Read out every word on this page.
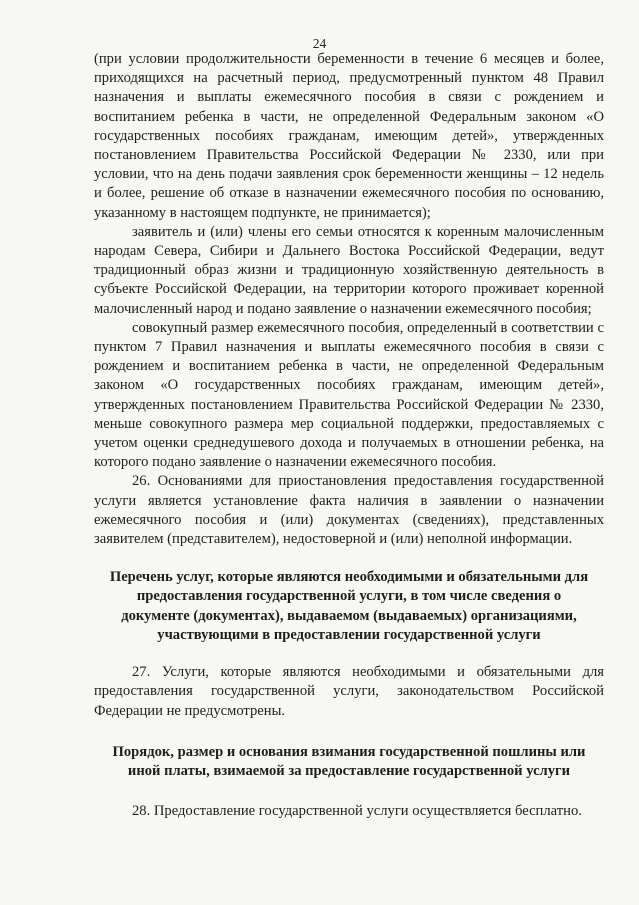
24

(при условии продолжительности беременности в течение 6 месяцев и более, приходящихся на расчетный период, предусмотренный пунктом 48 Правил назначения и выплаты ежемесячного пособия в связи с рождением и воспитанием ребенка в части, не определенной Федеральным законом «О государственных пособиях гражданам, имеющим детей», утвержденных постановлением Правительства Российской Федерации № 2330, или при условии, что на день подачи заявления срок беременности женщины – 12 недель и более, решение об отказе в назначении ежемесячного пособия по основанию, указанному в настоящем подпункте, не принимается);

заявитель и (или) члены его семьи относятся к коренным малочисленным народам Севера, Сибири и Дальнего Востока Российской Федерации, ведут традиционный образ жизни и традиционную хозяйственную деятельность в субъекте Российской Федерации, на территории которого проживает коренной малочисленный народ и подано заявление о назначении ежемесячного пособия;

совокупный размер ежемесячного пособия, определенный в соответствии с пунктом 7 Правил назначения и выплаты ежемесячного пособия в связи с рождением и воспитанием ребенка в части, не определенной Федеральным законом «О государственных пособиях гражданам, имеющим детей», утвержденных постановлением Правительства Российской Федерации № 2330, меньше совокупного размера мер социальной поддержки, предоставляемых с учетом оценки среднедушевого дохода и получаемых в отношении ребенка, на которого подано заявление о назначении ежемесячного пособия.

26. Основаниями для приостановления предоставления государственной услуги является установление факта наличия в заявлении о назначении ежемесячного пособия и (или) документах (сведениях), представленных заявителем (представителем), недостоверной и (или) неполной информации.

Перечень услуг, которые являются необходимыми и обязательными для предоставления государственной услуги, в том числе сведения о документе (документах), выдаваемом (выдаваемых) организациями, участвующими в предоставлении государственной услуги

27. Услуги, которые являются необходимыми и обязательными для предоставления государственной услуги, законодательством Российской Федерации не предусмотрены.

Порядок, размер и основания взимания государственной пошлины или иной платы, взимаемой за предоставление государственной услуги

28. Предоставление государственной услуги осуществляется бесплатно.
